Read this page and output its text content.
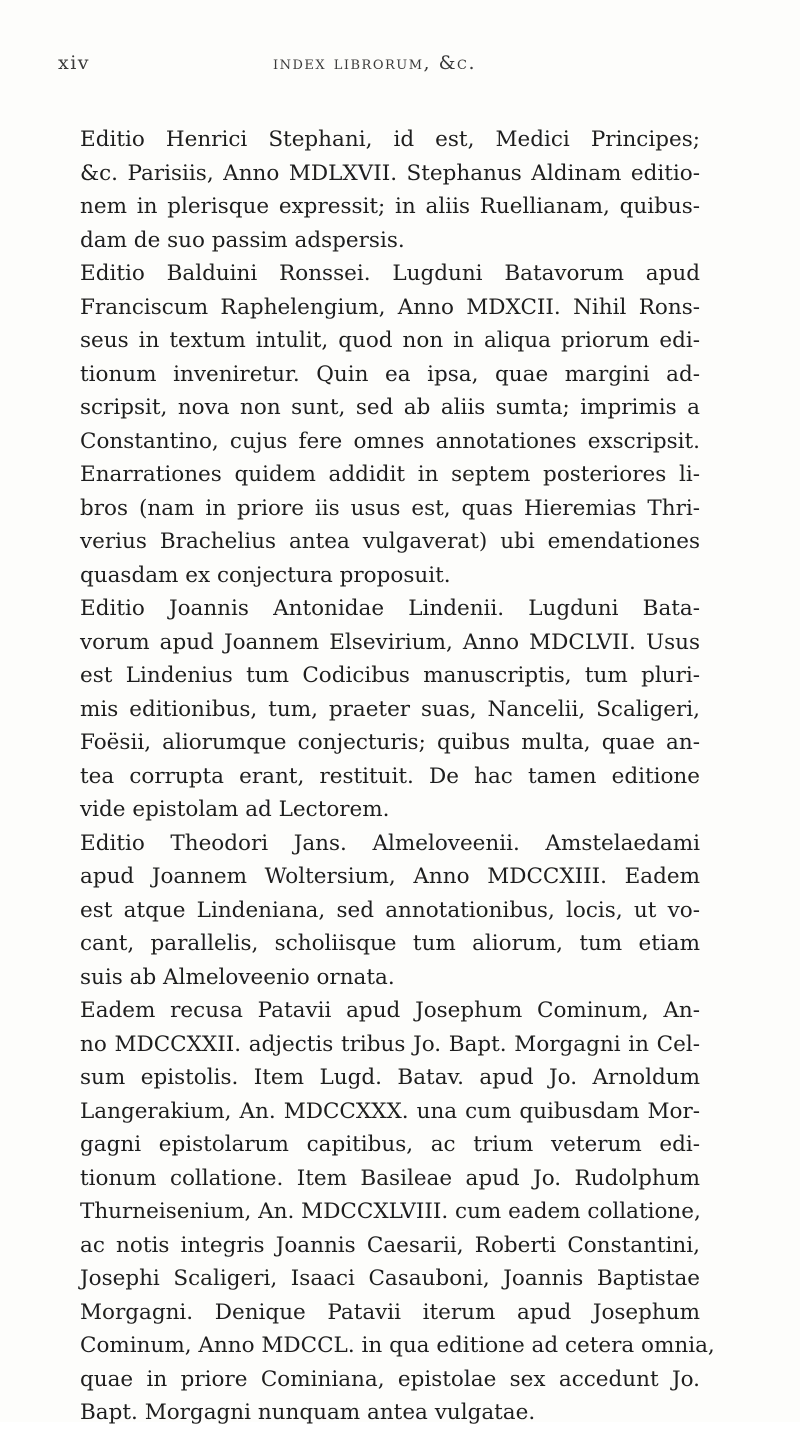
xiv	index librorum, &c.
Editio Henrici Stephani, id est, Medici Principes;
&c. Parisiis, Anno MDLXVII. Stephanus Aldinam editio-
nem in plerisque expressit; in aliis Ruellianam, quibus-
dam de suo passim adspersis.
Editio Balduini Ronssei. Lugduni Batavorum apud
Franciscum Raphelengium, Anno MDXCII. Nihil Rons-
seus in textum intulit, quod non in aliqua priorum edi-
tionum inveniretur. Quin ea ipsa, quae margini ad-
scripsit, nova non sunt, sed ab aliis sumta; imprimis a
Constantino, cujus fere omnes annotationes exscripsit.
Enarrationes quidem addidit in septem posteriores li-
bros (nam in priore iis usus est, quas Hieremias Thri-
verius Brachelius antea vulgaverat) ubi emendationes
quasdam ex conjectura proposuit.
Editio Joannis Antonidae Lindenii. Lugduni Bata-
vorum apud Joannem Elsevirium, Anno MDCLVII. Usus
est Lindenius tum Codicibus manuscriptis, tum pluri-
mis editionibus, tum, praeter suas, Nancelii, Scaligeri,
Foësii, aliorumque conjecturis; quibus multa, quae an-
tea corrupta erant, restituit. De hac tamen editione
vide epistolam ad Lectorem.
Editio Theodori Jans. Almeloveenii. Amstelaedami
apud Joannem Woltersium, Anno MDCCXIII. Eadem
est atque Lindeniana, sed annotationibus, locis, ut vo-
cant, parallelis, scholiisque tum aliorum, tum etiam
suis ab Almeloveenio ornata.
Eadem recusa Patavii apud Josephum Cominum, An-
no MDCCXXII. adjectis tribus Jo. Bapt. Morgagni in Cel-
sum epistolis. Item Lugd. Batav. apud Jo. Arnoldum
Langerakium, An. MDCCXXX. una cum quibusdam Mor-
gagni epistolarum capitibus, ac trium veterum edi-
tionum collatione. Item Basileae apud Jo. Rudolphum
Thurneisenium, An. MDCCXLVIII. cum eadem collatione,
ac notis integris Joannis Caesarii, Roberti Constantini,
Josephi Scaligeri, Isaaci Casauboni, Joannis Baptistae
Morgagni. Denique Patavii iterum apud Josephum
Cominum, Anno MDCCL. in qua editione ad cetera omnia,
quae in priore Cominiana, epistolae sex accedunt Jo.
Bapt. Morgagni nunquam antea vulgatae.
